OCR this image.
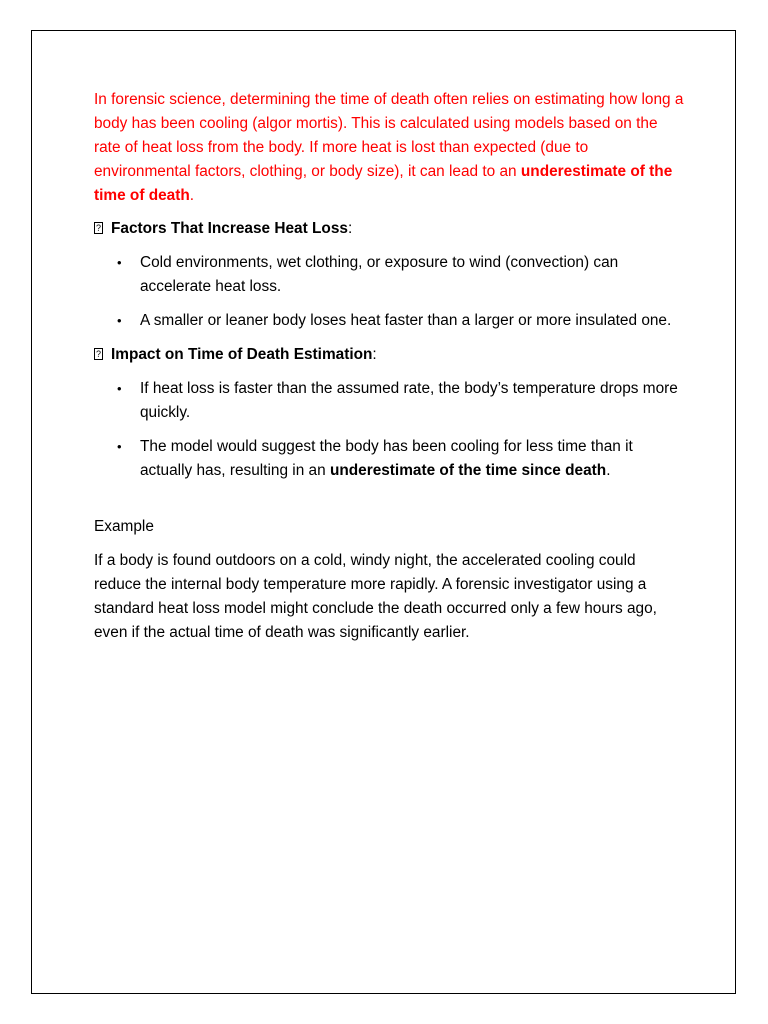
In forensic science, determining the time of death often relies on estimating how long a body has been cooling (algor mortis). This is calculated using models based on the rate of heat loss from the body. If more heat is lost than expected (due to environmental factors, clothing, or body size), it can lead to an underestimate of the time of death.

?Factors That Increase Heat Loss:

• Cold environments, wet clothing, or exposure to wind (convection) can accelerate heat loss.
• A smaller or leaner body loses heat faster than a larger or more insulated one.

?Impact on Time of Death Estimation:

• If heat loss is faster than the assumed rate, the body’s temperature drops more quickly.
• The model would suggest the body has been cooling for less time than it actually has, resulting in an underestimate of the time since death.

Example

If a body is found outdoors on a cold, windy night, the accelerated cooling could reduce the internal body temperature more rapidly. A forensic investigator using a standard heat loss model might conclude the death occurred only a few hours ago, even if the actual time of death was significantly earlier.
